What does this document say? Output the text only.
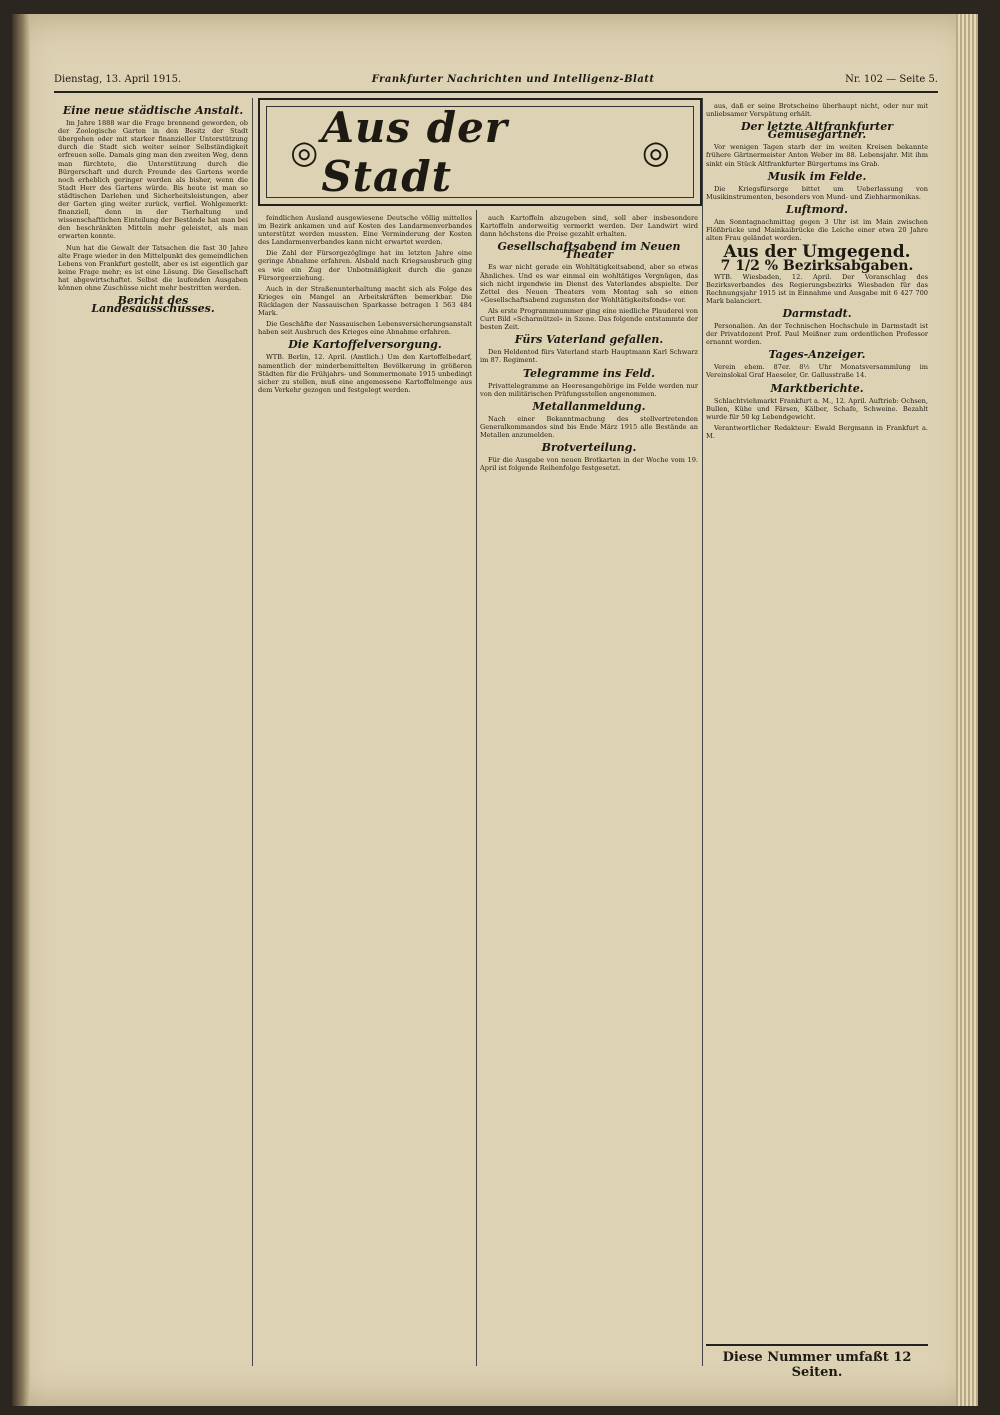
Dienstag, 13. April 1915.	Frankfurter Nachrichten und Intelligenz-Blatt	Nr. 102 — Seite 5.
◎ Aus der Stadt	◎
Eine neue städtische Anstalt.

Im Jahre 1888 war die Frage brennend geworden, ob der Zoologische Garten in den Besitz der Stadt übergehen oder mit starker finanzieller Unterstützung durch die Stadt sich weiter seiner Selbständigkeit erfreuen solle. Damals ging man den zweiten Weg, denn man fürchtete, die Unterstützung durch die Bürgerschaft und durch Freunde des Gartens werde noch erheblich geringer werden als bisher, wenn die Stadt Herr des Gartens würde. Bis heute ist man so städtischen Darlehen und Sicherheitsleistungen, aber der Garten ging weiter zurück, verfiel. Wohlgemerkt: finanziell, denn in der Tierhaltung und wissenschaftlichen Einteilung der Bestände hat man bei den beschränkten Mitteln mehr geleistet, als man erwarten konnte.

Nun hat die Gewalt der Tatsachen die fast 30 Jahre alte Frage wieder in den Mittelpunkt des gemeindlichen Lebens von Frankfurt gestellt, aber es ist eigentlich gar keine Frage mehr; es ist eine Lösung. Die Gesellschaft hat abgewirtschaftet. Selbst die laufenden Ausgaben können ohne Zuschüsse nicht mehr bestritten werden.

Bericht des Landesausschusses.

feindlichen Ausland ausgewiesene Deutsche völlig mittellos im Bezirk ankamen und auf Kosten des Landarmenverbandes unterstützt werden mussten. Eine Verminderung der Kosten des Landarmenverbandes kann nicht erwartet werden.

Die Zahl der Fürsorgezöglinge hat im letzten Jahre eine geringe Abnahme erfahren. Alsbald nach Kriegsausbruch ging es wie ein Zug der Unbotmäßigkeit durch die ganze Fürsorgeerziehung.

Auch in der Straßenunterhaltung macht sich als Folge des Krieges ein Mangel an Arbeitskräften bemerkbar. Die Rücklagen der Nassauischen Sparkasse betragen 1 563 484 Mark.

Die Geschäfte der Nassauischen Lebensversicherungsanstalt haben seit Ausbruch des Krieges eine Abnahme erfahren.

Die Kartoffelversorgung.

WTB. Berlin, 12. April. (Amtlich.) Um den Kartoffelbedarf, namentlich der minderbemittelten Bevölkerung in größeren Städten für die Frühjahrs- und Sommermonate 1915 unbedingt sicher zu stellen, muß eine angemessene Kartoffelmenge aus dem Verkehr gezogen und festgelegt werden.

auch Kartoffeln abzugeben sind, soll aber insbesondere Kartoffeln anderweitig vermerkt werden. Der Landwirt wird dann höchstens die Preise gezahlt erhalten.

Gesellschaftsabend im Neuen Theater

Es war nicht gerade ein Wohltätigkeitsabend, aber so etwas Ähnliches. Und es war einmal ein wohltätiges Vergnügen, das sich nicht irgendwie im Dienst des Vaterlandes abspielte. Der Zettel des Neuen Theaters vom Montag sah so einen »Gesellschaftsabend zugunsten der Wohltätigkeitsfonds« vor.

Als erste Programmnummer ging eine niedliche Plauderei von Curt Bild »Scharmützel« in Szene. Das folgende entstammte der besten Zeit.

Fürs Vaterland gefallen.

Den Heldentod fürs Vaterland starb Hauptmann Karl Schwarz im 87. Regiment.

Telegramme ins Feld.

Privattelegramme an Heeresangehörige im Felde werden nur von den militärischen Prüfungsstellen angenommen.

Metallanmeldung.

Nach einer Bekanntmachung des stellvertretenden Generalkommandos sind bis Ende März 1915 alle Bestände an Metallen anzumelden.

Brotverteilung.

Für die Ausgabe von neuen Brotkarten in der Woche vom 19. April ist folgende Reihenfolge festgesetzt.

aus, daß er seine Brotscheine überhaupt nicht, oder nur mit unliebsamer Verspätung erhält.

Der letzte Altfrankfurter Gemüsegärtner.

Vor wenigen Tagen starb der im weiten Kreisen bekannte frühere Gärtnermeister Anton Weber im 88. Lebensjahr. Mit ihm sinkt ein Stück Altfrankfurter Bürgertums ins Grab.

Musik im Felde.

Die Kriegsfürsorge bittet um Ueberlassung von Musikinstrumenten, besonders von Mund- und Ziehharmonikas.

Luftmord.

Am Sonntagnachmittag gegen 3 Uhr ist im Main zwischen Flößbrücke und Mainkaibrücke die Leiche einer etwa 20 Jahre alten Frau geländet worden.

Aus der Umgegend.
7 1/2 % Bezirksabgaben.

WTB. Wiesbaden, 12. April. Der Voranschlag des Bezirksverbandes des Regierungsbezirks Wiesbaden für das Rechnungsjahr 1915 ist in Einnahme und Ausgabe mit 6 427 700 Mark balanciert.

Darmstadt.

Personalien. An der Technischen Hochschule in Darmstadt ist der Privatdozent Prof. Paul Meißner zum ordentlichen Professor ernannt worden.

Tages-Anzeiger.

Verein ehem. 87er. 8½ Uhr Monatsversammlung im Vereinslokal Graf Haeseler, Gr. Gallusstraße 14.

Marktberichte.

Schlachtviehmarkt Frankfurt a. M., 12. April. Auftrieb: Ochsen, Bullen, Kühe und Färsen, Kälber, Schafe, Schweine. Bezahlt wurde für 50 kg Lebendgewicht.

Verantwortlicher Redakteur: Ewald Bergmann in Frankfurt a. M.

Diese Nummer umfaßt 12 Seiten.
